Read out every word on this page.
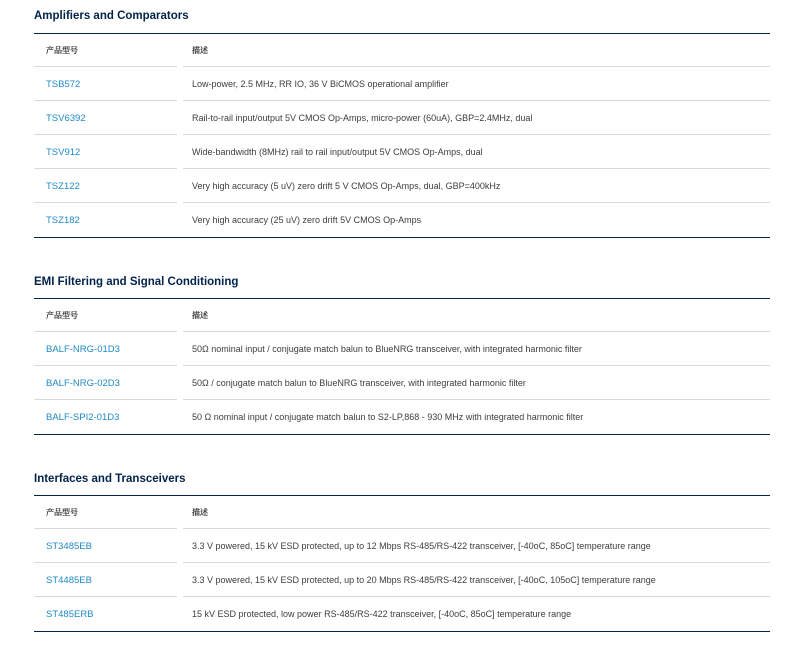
Amplifiers and Comparators
产品型号	描述
TSB572	Low-power, 2.5 MHz, RR IO, 36 V BiCMOS operational amplifier
TSV6392	Rail-to-rail input/output 5V CMOS Op-Amps, micro-power (60uA), GBP=2.4MHz, dual
TSV912	Wide-bandwidth (8MHz) rail to rail input/output 5V CMOS Op-Amps, dual
TSZ122	Very high accuracy (5 uV) zero drift 5 V CMOS Op-Amps, dual, GBP=400kHz
TSZ182	Very high accuracy (25 uV) zero drift 5V CMOS Op-Amps
EMI Filtering and Signal Conditioning
产品型号	描述
BALF-NRG-01D3	50Ω nominal input / conjugate match balun to BlueNRG transceiver, with integrated harmonic filter
BALF-NRG-02D3	50Ω / conjugate match balun to BlueNRG transceiver, with integrated harmonic filter
BALF-SPI2-01D3	50 Ω nominal input / conjugate match balun to S2-LP,868 - 930 MHz with integrated harmonic filter
Interfaces and Transceivers
产品型号	描述
ST3485EB	3.3 V powered, 15 kV ESD protected, up to 12 Mbps RS-485/RS-422 transceiver, [-40oC, 85oC] temperature range
ST4485EB	3.3 V powered, 15 kV ESD protected, up to 20 Mbps RS-485/RS-422 transceiver, [-40oC, 105oC] temperature range
ST485ERB	15 kV ESD protected, low power RS-485/RS-422 transceiver, [-40oC, 85oC] temperature range
